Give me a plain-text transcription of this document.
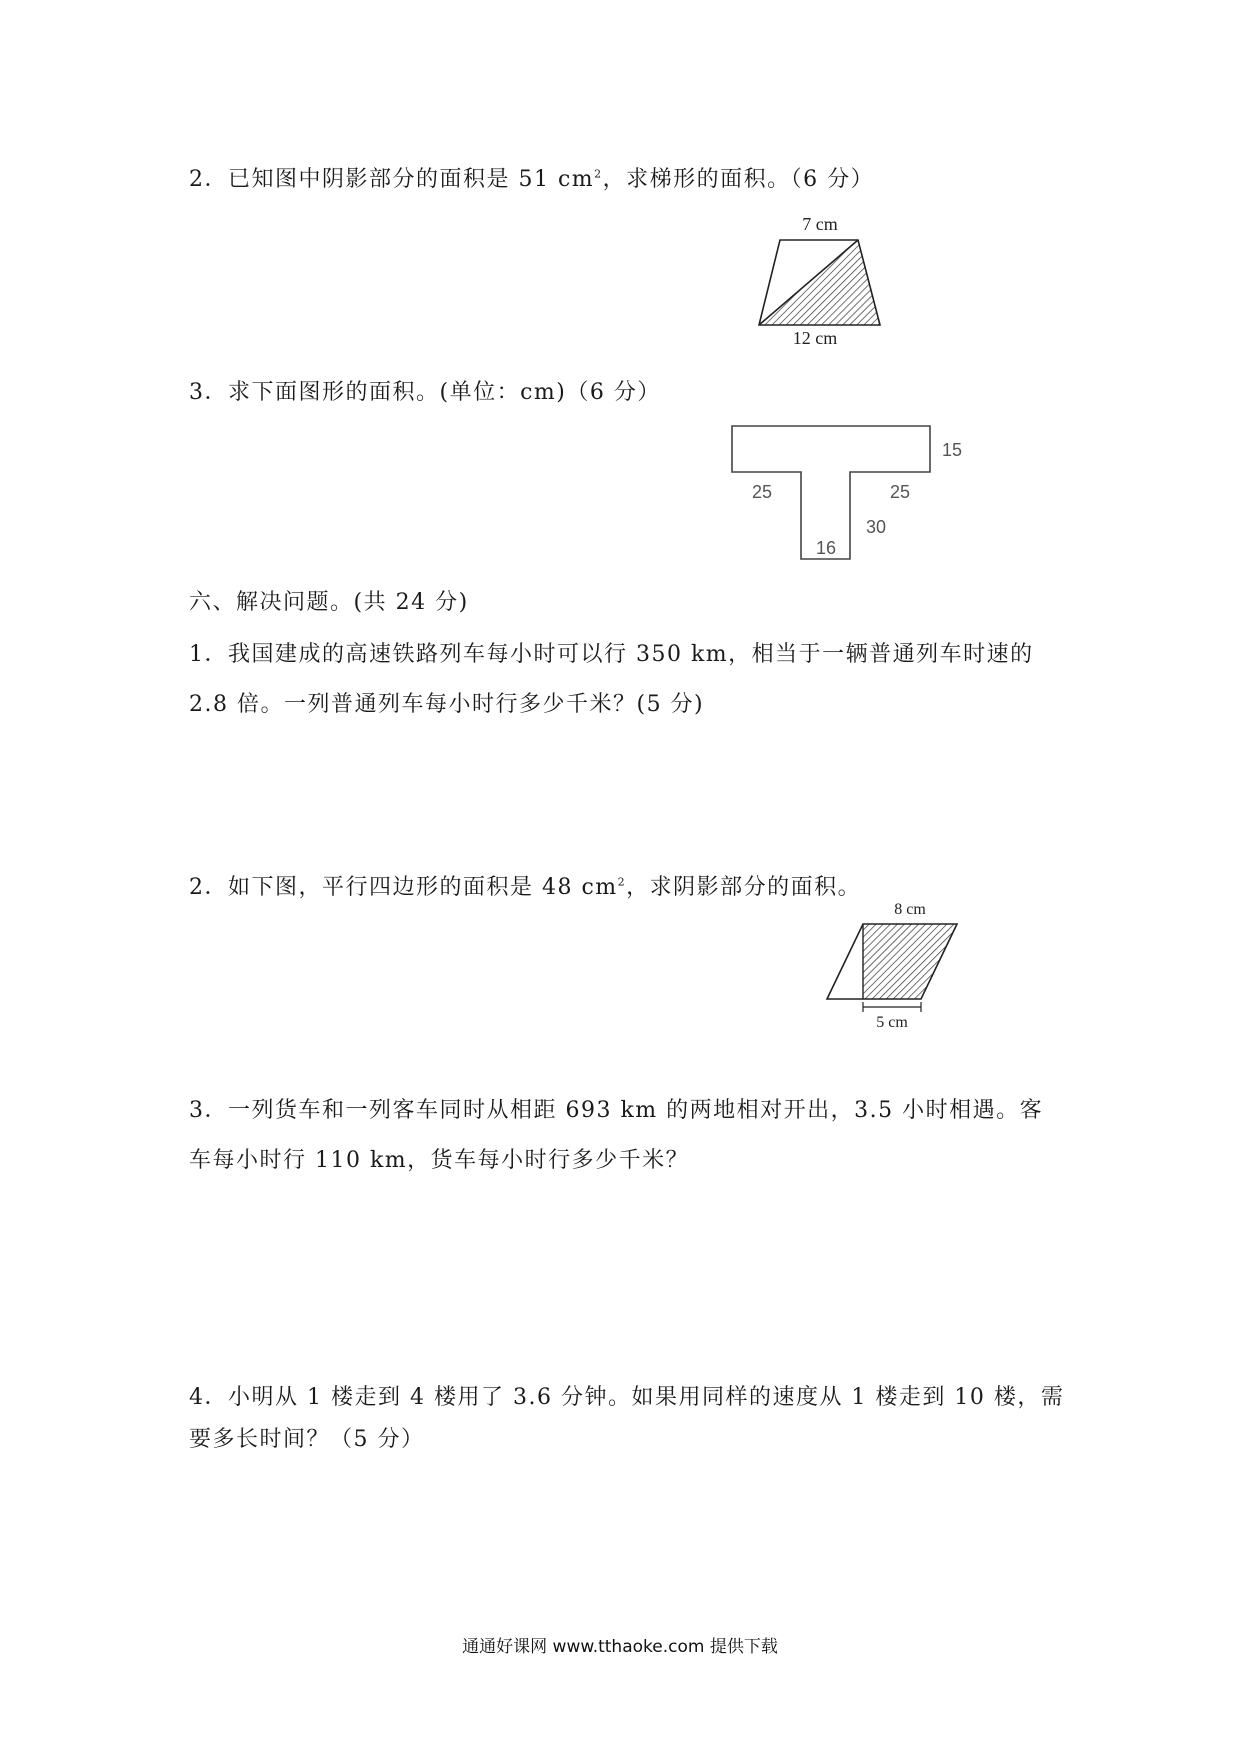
2．已知图中阴影部分的面积是 51 $cm^2$，求梯形的面积。（6 分）
7 cm
12 cm
3．求下面图形的面积。(单位：cm)（6 分）
15
25	25
30
16
六、解决问题。(共 24 分)
1．我国建成的高速铁路列车每小时可以行 350 km，相当于一辆普通列车时速的
2.8 倍。一列普通列车每小时行多少千米？(5 分)
2．如下图，平行四边形的面积是 48 $cm^2$，求阴影部分的面积。
8 cm
5 cm
3．一列货车和一列客车同时从相距 693 km 的两地相对开出，3.5 小时相遇。客
车每小时行 110 km，货车每小时行多少千米？
4．小明从 1 楼走到 4 楼用了 3.6 分钟。如果用同样的速度从 1 楼走到 10 楼，需
要多长时间？（5 分）
通通好课网 www.tthaoke.com 提供下载
